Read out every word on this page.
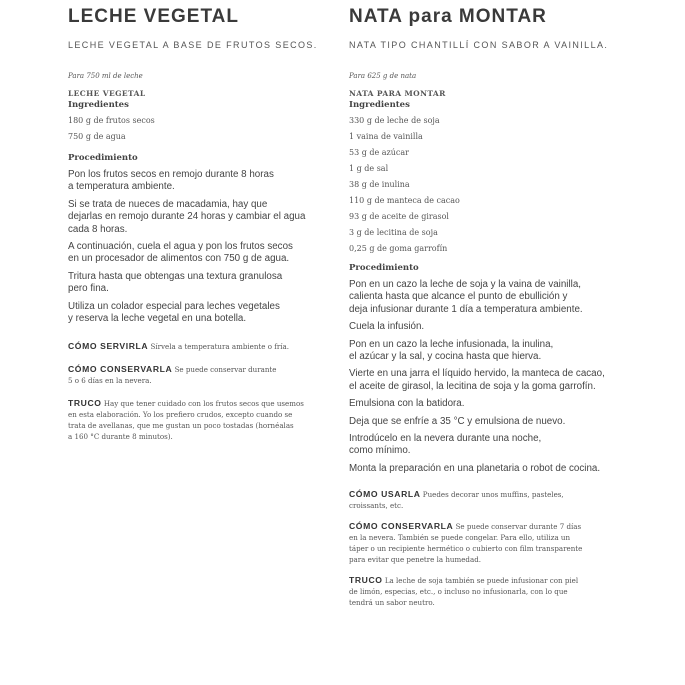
LECHE VEGETAL
LECHE VEGETAL A BASE DE FRUTOS SECOS.
Para 750 ml de leche
LECHE VEGETAL
Ingredientes
180 g de frutos secos
750 g de agua
Procedimiento
Pon los frutos secos en remojo durante 8 horas
a temperatura ambiente.
Si se trata de nueces de macadamia, hay que
dejarlas en remojo durante 24 horas y cambiar el agua
cada 8 horas.
A continuación, cuela el agua y pon los frutos secos
en un procesador de alimentos con 750 g de agua.
Tritura hasta que obtengas una textura granulosa
pero fina.
Utiliza un colador especial para leches vegetales
y reserva la leche vegetal en una botella.
CÓMO SERVIRLA Sírvela a temperatura ambiente o fría.
CÓMO CONSERVARLA Se puede conservar durante
5 o 6 días en la nevera.
TRUCO Hay que tener cuidado con los frutos secos que usemos
en esta elaboración. Yo los prefiero crudos, excepto cuando se
trata de avellanas, que me gustan un poco tostadas (hornéalas
a 160 °C durante 8 minutos).
NATA para MONTAR
NATA TIPO CHANTILLÍ CON SABOR A VAINILLA.
Para 625 g de nata
NATA PARA MONTAR
Ingredientes
330 g de leche de soja
1 vaina de vainilla
53 g de azúcar
1 g de sal
38 g de inulina
110 g de manteca de cacao
93 g de aceite de girasol
3 g de lecitina de soja
0,25 g de goma garrofín
Procedimiento
Pon en un cazo la leche de soja y la vaina de vainilla,
calienta hasta que alcance el punto de ebullición y
deja infusionar durante 1 día a temperatura ambiente.
Cuela la infusión.
Pon en un cazo la leche infusionada, la inulina,
el azúcar y la sal, y cocina hasta que hierva.
Vierte en una jarra el líquido hervido, la manteca de cacao,
el aceite de girasol, la lecitina de soja y la goma garrofín.
Emulsiona con la batidora.
Deja que se enfríe a 35 °C y emulsiona de nuevo.
Introdúcelo en la nevera durante una noche,
como mínimo.
Monta la preparación en una planetaria o robot de cocina.
CÓMO USARLA Puedes decorar unos muffins, pasteles,
croissants, etc.
CÓMO CONSERVARLA Se puede conservar durante 7 días
en la nevera. También se puede congelar. Para ello, utiliza un
táper o un recipiente hermético o cubierto con film transparente
para evitar que penetre la humedad.
TRUCO La leche de soja también se puede infusionar con piel
de limón, especias, etc., o incluso no infusionarla, con lo que
tendrá un sabor neutro.
